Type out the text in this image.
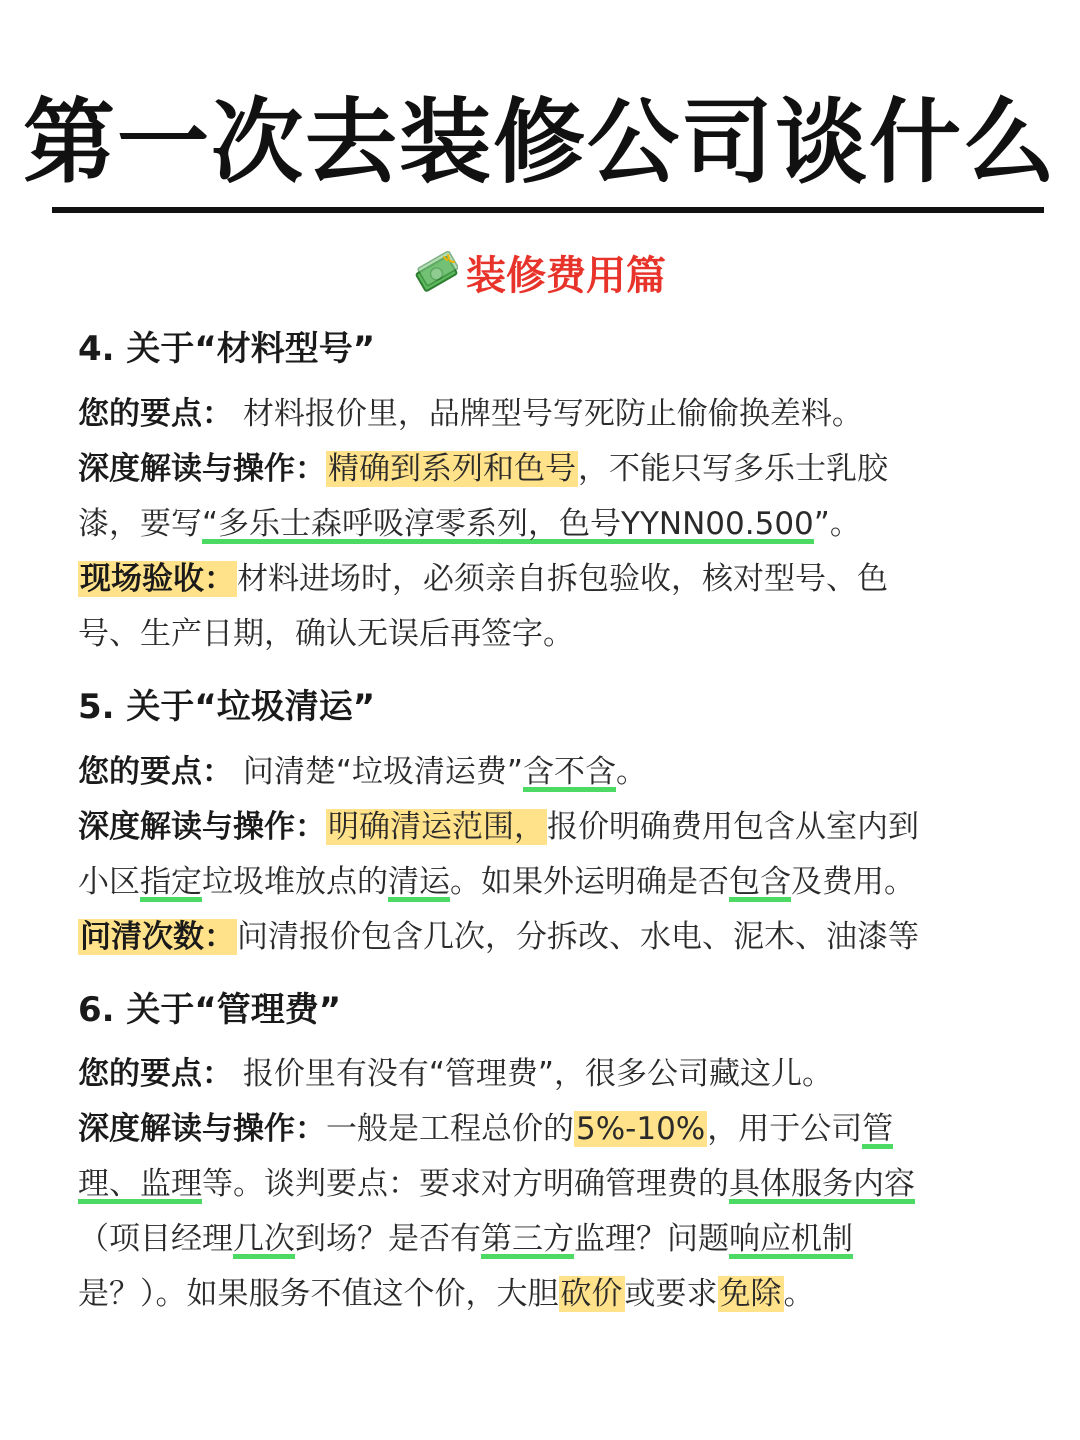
第一次去装修公司谈什么
装修费用篇
4. 关于“材料型号”
您的要点： 材料报价里，品牌型号写死防止偷偷换差料。
深度解读与操作：精确到系列和色号，不能只写多乐士乳胶
漆，要写“多乐士森呼吸淳零系列，色号YYNN00.500”。
现场验收：材料进场时，必须亲自拆包验收，核对型号、色
号、生产日期，确认无误后再签字。
5. 关于“垃圾清运”
您的要点： 问清楚“垃圾清运费”含不含。
深度解读与操作：明确清运范围，报价明确费用包含从室内到
小区指定垃圾堆放点的清运。如果外运明确是否包含及费用。
问清次数：问清报价包含几次，分拆改、水电、泥木、油漆等
6. 关于“管理费”
您的要点： 报价里有没有“管理费”，很多公司藏这儿。
深度解读与操作：一般是工程总价的5%-10%，用于公司管
理、监理等。谈判要点：要求对方明确管理费的具体服务内容
（项目经理几次到场？是否有第三方监理？问题响应机制
是？）。如果服务不值这个价，大胆砍价或要求免除。
